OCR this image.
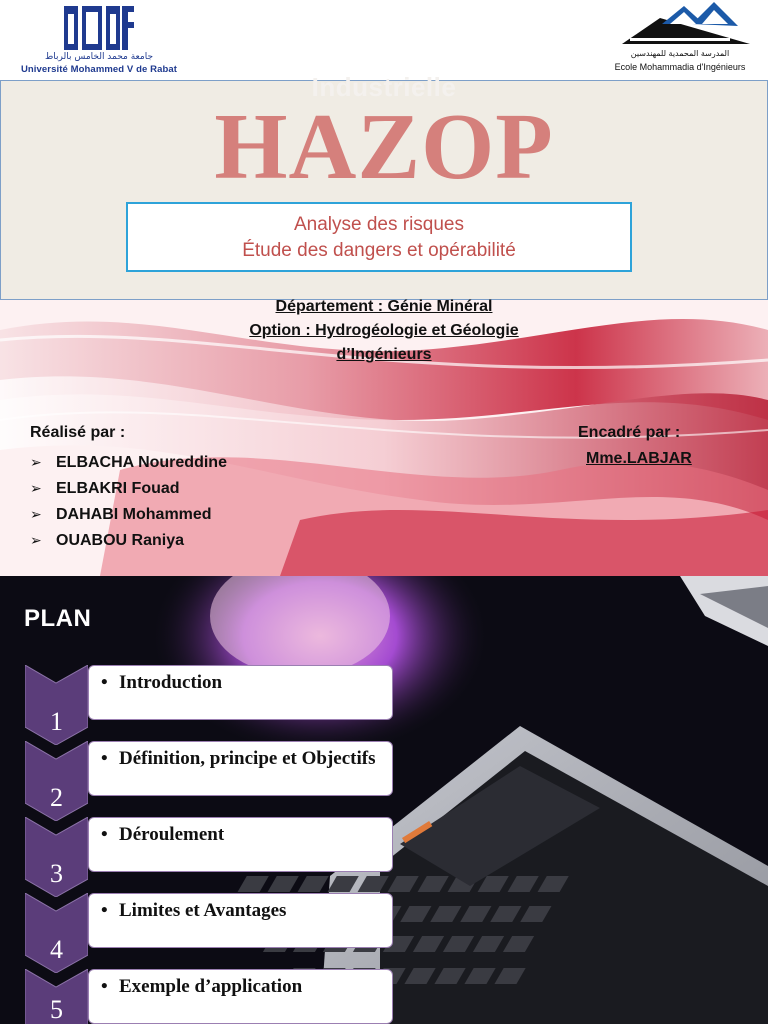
جامعة محمد الخامس بالرباط
Université Mohammed V de Rabat
المدرسة المحمدية للمهندسين
Ecole Mohammadia d'Ingénieurs
Industrielle
HAZOP
Analyse des risques
Étude des dangers et opérabilité
Département : Génie Minéral
Option : Hydrogéologie et Géologie
d’Ingénieurs
Réalisé par :
➢ ELBACHA Noureddine
➢ ELBAKRI Fouad
➢ DAHABI Mohammed
➢ OUABOU Raniya
Encadré par :
Mme.LABJAR
PLAN
1
• Introduction
2
• Définition, principe et Objectifs
3
• Déroulement
4
• Limites et Avantages
5
• Exemple d’application
